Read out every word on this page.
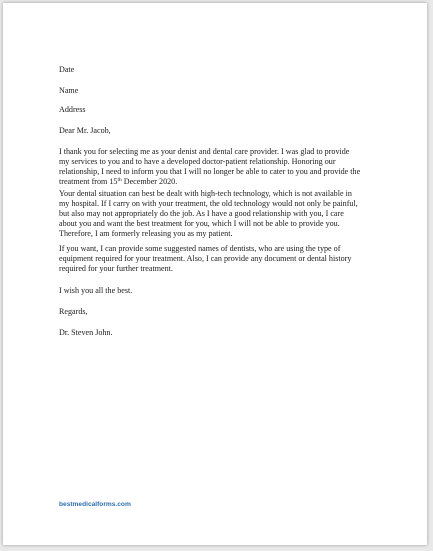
Date
Name
Address
Dear Mr. Jacob,
I thank you for selecting me as your denist and dental care provider. I was glad to provide
my services to you and to have a developed doctor-patient relationship. Honoring our
relationship, I need to inform you that I will no longer be able to cater to you and provide the
treatment from 15th December 2020.
Your dental situation can best be dealt with high-tech technology, which is not available in
my hospital. If I carry on with your treatment, the old technology would not only be painful,
but also may not appropriately do the job. As I have a good relationship with you, I care
about you and want the best treatment for you, which I will not be able to provide you.
Therefore, I am formerly releasing you as my patient.
If you want, I can provide some suggested names of dentists, who are using the type of
equipment required for your treatment. Also, I can provide any document or dental history
required for your further treatment.
I wish you all the best.
Regards,
Dr. Steven John.
bestmedicalforms.com
